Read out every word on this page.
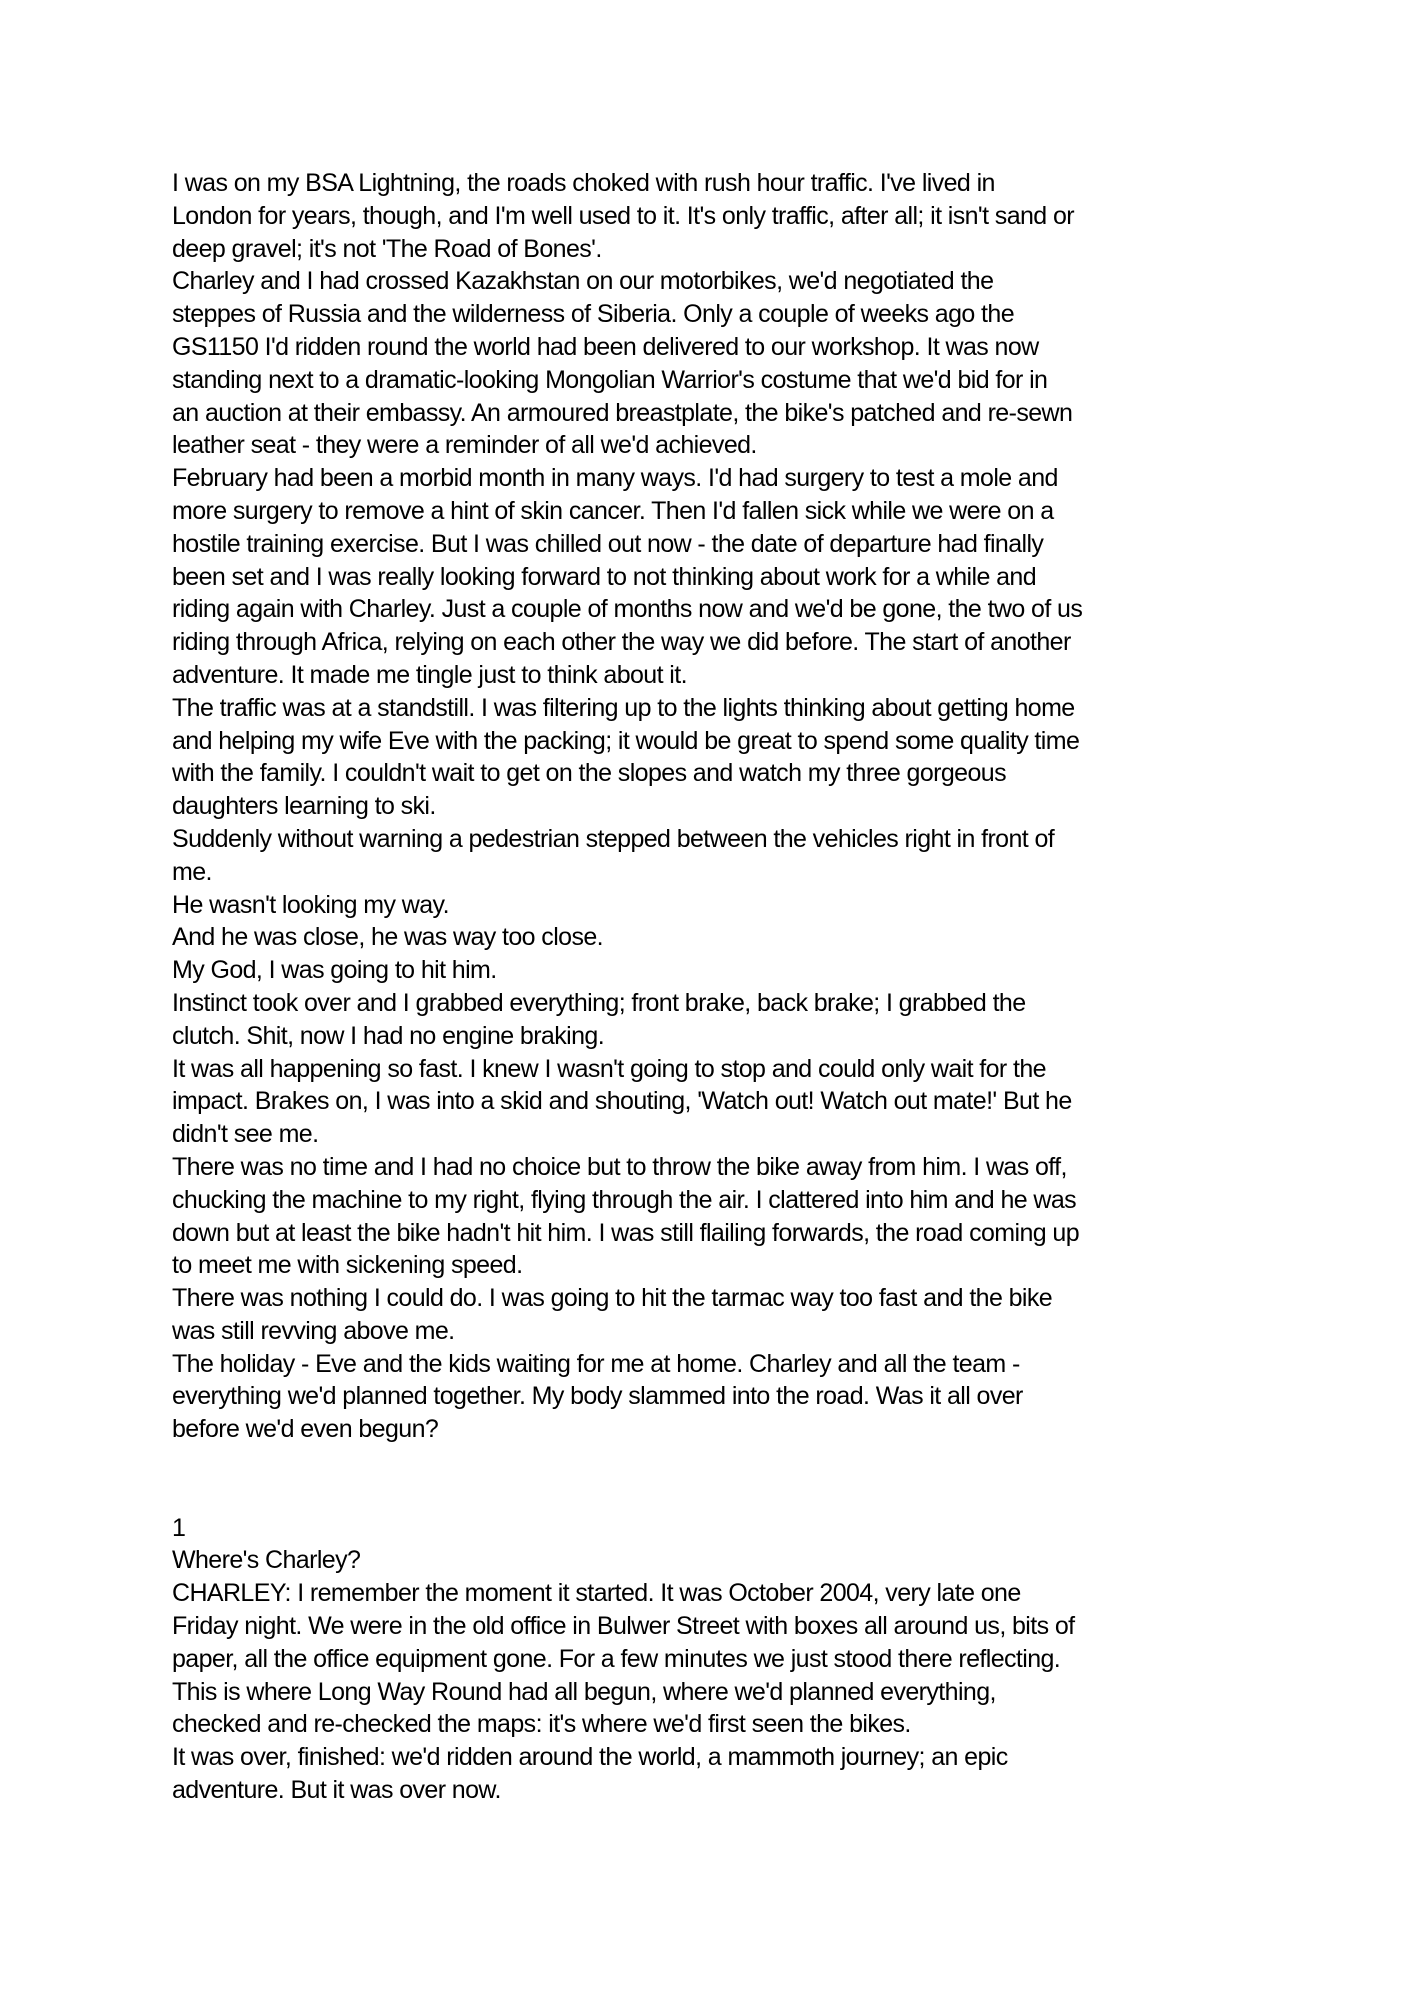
I was on my BSA Lightning, the roads choked with rush hour traffic. I've lived in
London for years, though, and I'm well used to it. It's only traffic, after all; it isn't sand or
deep gravel; it's not 'The Road of Bones'.
Charley and I had crossed Kazakhstan on our motorbikes, we'd negotiated the
steppes of Russia and the wilderness of Siberia. Only a couple of weeks ago the
GS1150 I'd ridden round the world had been delivered to our workshop. It was now
standing next to a dramatic-looking Mongolian Warrior's costume that we'd bid for in
an auction at their embassy. An armoured breastplate, the bike's patched and re-sewn
leather seat - they were a reminder of all we'd achieved.
February had been a morbid month in many ways. I'd had surgery to test a mole and
more surgery to remove a hint of skin cancer. Then I'd fallen sick while we were on a
hostile training exercise. But I was chilled out now - the date of departure had finally
been set and I was really looking forward to not thinking about work for a while and
riding again with Charley. Just a couple of months now and we'd be gone, the two of us
riding through Africa, relying on each other the way we did before. The start of another
adventure. It made me tingle just to think about it.
The traffic was at a standstill. I was filtering up to the lights thinking about getting home
and helping my wife Eve with the packing; it would be great to spend some quality time
with the family. I couldn't wait to get on the slopes and watch my three gorgeous
daughters learning to ski.
Suddenly without warning a pedestrian stepped between the vehicles right in front of
me.
He wasn't looking my way.
And he was close, he was way too close.
My God, I was going to hit him.
Instinct took over and I grabbed everything; front brake, back brake; I grabbed the
clutch. Shit, now I had no engine braking.
It was all happening so fast. I knew I wasn't going to stop and could only wait for the
impact. Brakes on, I was into a skid and shouting, 'Watch out! Watch out mate!' But he
didn't see me.
There was no time and I had no choice but to throw the bike away from him. I was off,
chucking the machine to my right, flying through the air. I clattered into him and he was
down but at least the bike hadn't hit him. I was still flailing forwards, the road coming up
to meet me with sickening speed.
There was nothing I could do. I was going to hit the tarmac way too fast and the bike
was still revving above me.
The holiday - Eve and the kids waiting for me at home. Charley and all the team -
everything we'd planned together. My body slammed into the road. Was it all over
before we'd even begun?
1
Where's Charley?
CHARLEY: I remember the moment it started. It was October 2004, very late one
Friday night. We were in the old office in Bulwer Street with boxes all around us, bits of
paper, all the office equipment gone. For a few minutes we just stood there reflecting.
This is where Long Way Round had all begun, where we'd planned everything,
checked and re-checked the maps: it's where we'd first seen the bikes.
It was over, finished: we'd ridden around the world, a mammoth journey; an epic
adventure. But it was over now.
